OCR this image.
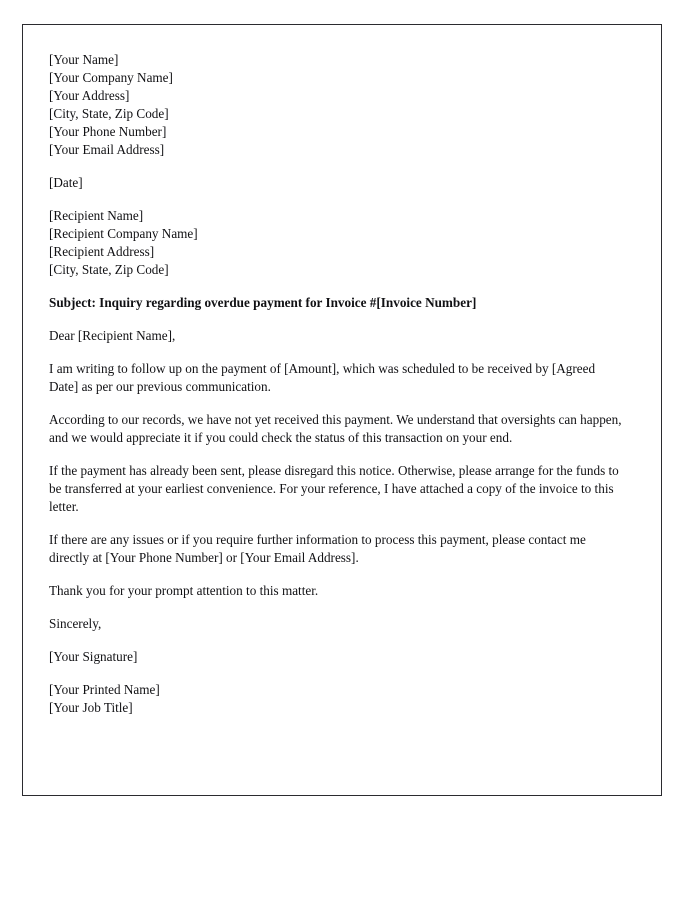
[Your Name]
[Your Company Name]
[Your Address]
[City, State, Zip Code]
[Your Phone Number]
[Your Email Address]
[Date]
[Recipient Name]
[Recipient Company Name]
[Recipient Address]
[City, State, Zip Code]

Subject: Inquiry regarding overdue payment for Invoice #[Invoice Number]

Dear [Recipient Name],

I am writing to follow up on the payment of [Amount], which was scheduled to be received by [Agreed Date] as per our previous communication.

According to our records, we have not yet received this payment. We understand that oversights can happen, and we would appreciate it if you could check the status of this transaction on your end.

If the payment has already been sent, please disregard this notice. Otherwise, please arrange for the funds to be transferred at your earliest convenience. For your reference, I have attached a copy of the invoice to this letter.

If there are any issues or if you require further information to process this payment, please contact me directly at [Your Phone Number] or [Your Email Address].

Thank you for your prompt attention to this matter.

Sincerely,

[Your Signature]

[Your Printed Name]
[Your Job Title]
